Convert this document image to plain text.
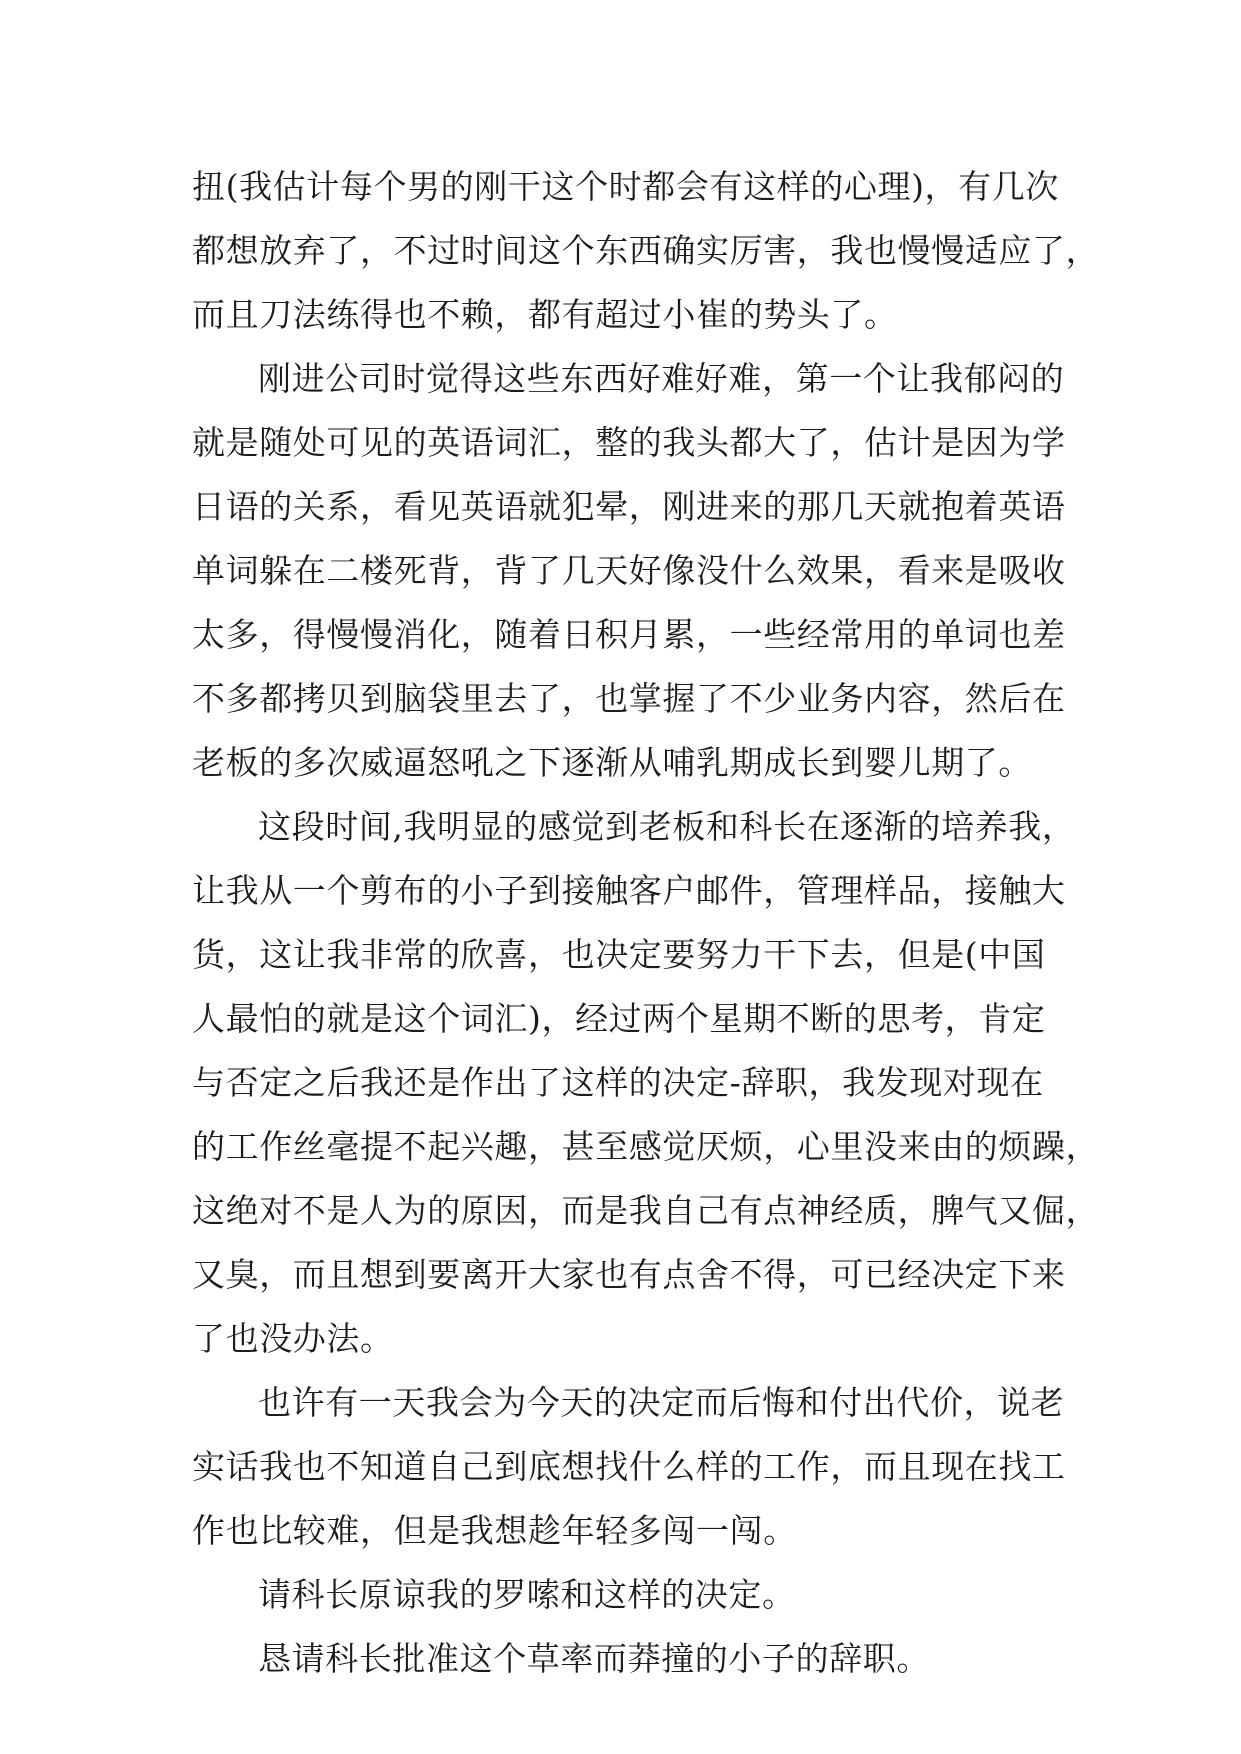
扭(我估计每个男的刚干这个时都会有这样的心理)，有几次
都想放弃了，不过时间这个东西确实厉害，我也慢慢适应了，
而且刀法练得也不赖，都有超过小崔的势头了。

刚进公司时觉得这些东西好难好难，第一个让我郁闷的
就是随处可见的英语词汇，整的我头都大了，估计是因为学
日语的关系，看见英语就犯晕，刚进来的那几天就抱着英语
单词躲在二楼死背，背了几天好像没什么效果，看来是吸收
太多，得慢慢消化，随着日积月累，一些经常用的单词也差
不多都拷贝到脑袋里去了，也掌握了不少业务内容，然后在
老板的多次威逼怒吼之下逐渐从哺乳期成长到婴儿期了。

这段时间,我明显的感觉到老板和科长在逐渐的培养我，
让我从一个剪布的小子到接触客户邮件，管理样品，接触大
货，这让我非常的欣喜，也决定要努力干下去，但是(中国
人最怕的就是这个词汇)，经过两个星期不断的思考，肯定
与否定之后我还是作出了这样的决定-辞职，我发现对现在
的工作丝毫提不起兴趣，甚至感觉厌烦，心里没来由的烦躁，
这绝对不是人为的原因，而是我自己有点神经质，脾气又倔，
又臭，而且想到要离开大家也有点舍不得，可已经决定下来
了也没办法。

也许有一天我会为今天的决定而后悔和付出代价，说老
实话我也不知道自己到底想找什么样的工作，而且现在找工
作也比较难，但是我想趁年轻多闯一闯。

请科长原谅我的罗嗦和这样的决定。

恳请科长批准这个草率而莽撞的小子的辞职。
